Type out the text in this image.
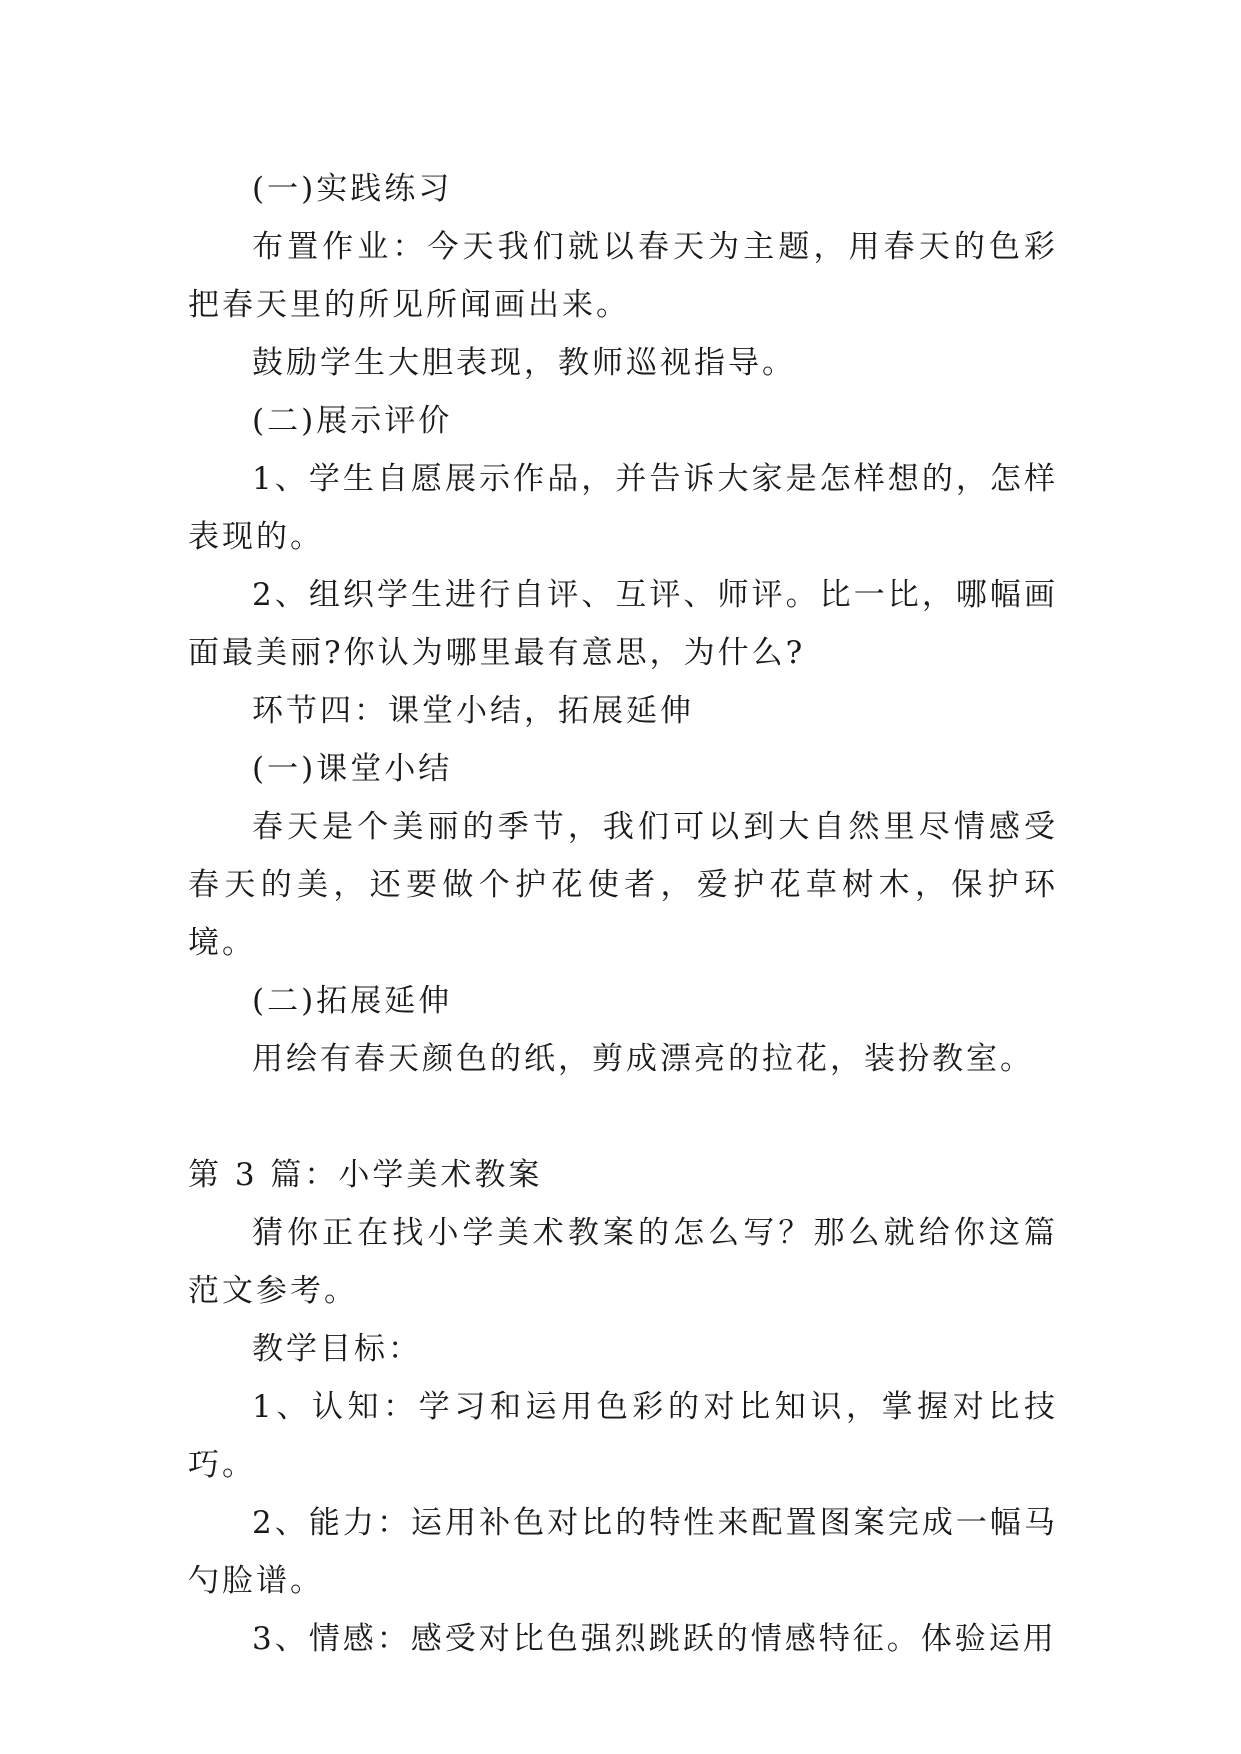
(一)实践练习

布置作业：今天我们就以春天为主题，用春天的色彩把春天里的所见所闻画出来。

鼓励学生大胆表现，教师巡视指导。

(二)展示评价

1、学生自愿展示作品，并告诉大家是怎样想的，怎样表现的。

2、组织学生进行自评、互评、师评。比一比，哪幅画面最美丽?你认为哪里最有意思，为什么?

环节四：课堂小结，拓展延伸

(一)课堂小结

春天是个美丽的季节，我们可以到大自然里尽情感受春天的美，还要做个护花使者，爱护花草树木，保护环境。

(二)拓展延伸

用绘有春天颜色的纸，剪成漂亮的拉花，装扮教室。

第 3 篇：小学美术教案

猜你正在找小学美术教案的怎么写？那么就给你这篇范文参考。

教学目标：

1、认知：学习和运用色彩的对比知识，掌握对比技巧。

2、能力：运用补色对比的特性来配置图案完成一幅马勺脸谱。

3、情感：感受对比色强烈跳跃的情感特征。体验运用
